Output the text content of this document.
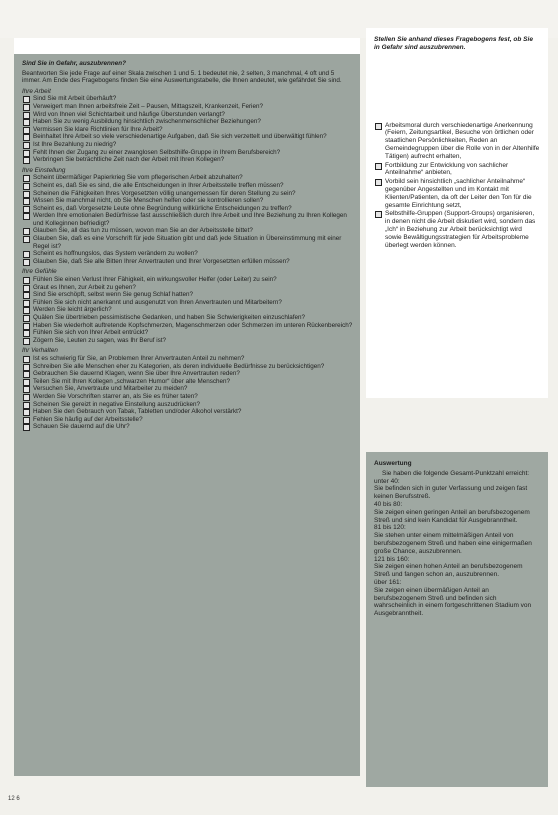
Sind Sie in Gefahr, auszubrennen?
Beantworten Sie jede Frage auf einer Skala zwischen 1 und 5. 1 bedeutet nie, 2 selten, 3 manchmal, 4 oft und 5 immer. Am Ende des Fragebogens finden Sie eine Auswertungstabelle, die Ihnen andeutet, wie gefährdet Sie sind.
Ihre Arbeit
Sind Sie mit Arbeit überhäuft?
Verweigert man Ihnen arbeitsfreie Zeit – Pausen, Mittagszeit, Krankenzeit, Ferien?
Wird von Ihnen viel Schichtarbeit und häufige Überstunden verlangt?
Haben Sie zu wenig Ausbildung hinsichtlich zwischenmenschlicher Beziehungen?
Vermissen Sie klare Richtlinien für Ihre Arbeit?
Beinhaltet Ihre Arbeit so viele verschiedenartige Aufgaben, daß Sie sich verzettelt und überwältigt fühlen?
Ist Ihre Bezahlung zu niedrig?
Fehlt Ihnen der Zugang zu einer zwanglosen Selbsthilfe-Gruppe in Ihrem Berufsbereich?
Verbringen Sie beträchtliche Zeit nach der Arbeit mit Ihren Kollegen?
Ihre Einstellung
Scheint übermäßiger Papierkrieg Sie vom pflegerischen Arbeit abzuhalten?
Scheint es, daß Sie es sind, die alle Entscheidungen in Ihrer Arbeitsstelle treffen müssen?
Scheinen die Fähigkeiten Ihres Vorgesetzten völlig unangemessen für deren Stellung zu sein?
Wissen Sie manchmal nicht, ob Sie Menschen helfen oder sie kontrollieren sollen?
Scheint es, daß Vorgesetzte Leute ohne Begründung willkürliche Entscheidungen zu treffen?
Werden Ihre emotionalen Bedürfnisse fast ausschließlich durch Ihre Arbeit und Ihre Beziehung zu Ihren Kollegen und Kolleginnen befriedigt?
Glauben Sie, all das tun zu müssen, wovon man Sie an der Arbeitsstelle bittet?
Glauben Sie, daß es eine Vorschrift für jede Situation gibt und daß jede Situation in Übereinstimmung mit einer Regel ist?
Scheint es hoffnungslos, das System verändern zu wollen?
Glauben Sie, daß Sie alle Bitten Ihrer Anvertrauten und Ihrer Vorgesetzten erfüllen müssen?
Ihre Gefühle
Fühlen Sie einen Verlust Ihrer Fähigkeit, ein wirkungsvoller Helfer (oder Leiter) zu sein?
Graut es Ihnen, zur Arbeit zu gehen?
Sind Sie erschöpft, selbst wenn Sie genug Schlaf hatten?
Fühlen Sie sich nicht anerkannt und ausgenutzt von Ihren Anvertrauten und Mitarbeitern?
Werden Sie leicht ärgerlich?
Quälen Sie übertrieben pessimistische Gedanken, und haben Sie Schwierigkeiten einzuschlafen?
Haben Sie wiederholt auftretende Kopfschmerzen, Magenschmerzen oder Schmerzen im unteren Rückenbereich?
Fühlen Sie sich von Ihrer Arbeit entrückt?
Zögern Sie, Leuten zu sagen, was Ihr Beruf ist?
Ihr Verhalten
Ist es schwierig für Sie, an Problemen Ihrer Anvertrauten Anteil zu nehmen?
Schreiben Sie alle Menschen eher zu Kategorien, als deren individuelle Bedürfnisse zu berücksichtigen?
Gebrauchen Sie dauernd Klagen, wenn Sie über Ihre Anvertrauten reden?
Teilen Sie mit Ihren Kollegen „schwarzen Humor“ über alte Menschen?
Versuchen Sie, Anvertraute und Mitarbeiter zu meiden?
Werden Sie Vorschriften starrer an, als Sie es früher taten?
Scheinen Sie gereizt in negative Einstellung auszudrücken?
Haben Sie den Gebrauch von Tabak, Tabletten und/oder Alkohol verstärkt?
Fehlen Sie häufig auf der Arbeitsstelle?
Schauen Sie dauernd auf die Uhr?
Stellen Sie anhand dieses Fragebogens fest, ob Sie in Gefahr sind auszubrennen.
Arbeitsmoral durch verschiedenartige Anerkennung (Feiern, Zeitungsartikel, Besuche von örtlichen oder staatlichen Persönlichkeiten, Reden an Gemeindegruppen über die Rolle von in der Altenhilfe Tätigen) aufrecht erhalten,
Fortbildung zur Entwicklung von sachlicher Anteilnahme“ anbieten,
Vorbild sein hinsichtlich „sachlicher Anteilnahme“ gegenüber Angestellten und im Kontakt mit Klienten/Patienten, da oft der Leiter den Ton für die gesamte Einrichtung setzt,
Selbsthilfe-Gruppen (Support-Groups) organisieren, in denen nicht die Arbeit diskutiert wird, sondern das „Ich“ in Beziehung zur Arbeit berücksichtigt wird sowie Bewältigungsstrategien für Arbeitsprobleme überlegt werden können.
Auswertung
Sie haben die folgende Gesamt-Punktzahl erreicht:
unter 40:
Sie befinden sich in guter Verfassung und zeigen fast keinen Berufsstreß.
40 bis 80:
Sie zeigen einen geringen Anteil an berufsbezogenem Streß und sind kein Kandidat für Ausgebranntheit.
81 bis 120:
Sie stehen unter einem mittelmäßigen Anteil von berufsbezogenem Streß und haben eine einigermaßen große Chance, auszubrennen.
121 bis 160:
Sie zeigen einen hohen Anteil an berufsbezogenem Streß und fangen schon an, auszubrennen.
über 161:
Sie zeigen einen übermäßigen Anteil an berufsbezogenem Streß und befinden sich wahrscheinlich in einem fortgeschrittenen Stadium von Ausgebranntheit.
12 6
